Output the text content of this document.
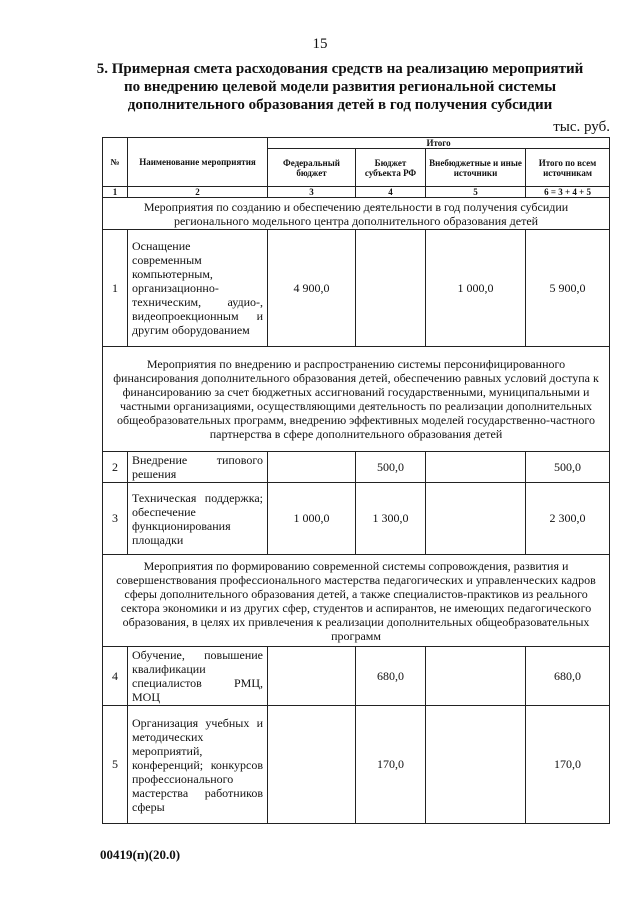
15
5. Примерная смета расходования средств на реализацию мероприятий по внедрению целевой модели развития региональной системы дополнительного образования детей в год получения субсидии
тыс. руб.
№	Наименование мероприятия	Итого			
		Федеральный бюджет	Бюджет субъекта РФ	Внебюджетные и иные источники	Итого по всем источникам
1	2	3	4	5	6 = 3 + 4 + 5
Мероприятия по созданию и обеспечению деятельности в год получения субсидии регионального модельного центра дополнительного образования детей					
1	Оснащение современным компьютерным, организационно-техническим, аудио-, видеопроекционным и другим оборудованием	4 900,0		1 000,0	5 900,0
Мероприятия по внедрению и распространению системы персонифицированного финансирования дополнительного образования детей, обеспечению равных условий доступа к финансированию за счет бюджетных ассигнований государственными, муниципальными и частными организациями, осуществляющими деятельность по реализации дополнительных общеобразовательных программ, внедрению эффективных моделей государственно-частного партнерства в сфере дополнительного образования детей					
2	Внедрение типового решения		500,0		500,0
3	Техническая поддержка; обеспечение функционирования площадки	1 000,0	1 300,0		2 300,0
Мероприятия по формированию современной системы сопровождения, развития и совершенствования профессионального мастерства педагогических и управленческих кадров сферы дополнительного образования детей, а также специалистов-практиков из реального сектора экономики и из других сфер, студентов и аспирантов, не имеющих педагогического образования, в целях их привлечения к реализации дополнительных общеобразовательных программ					
4	Обучение, повышение квалификации специалистов РМЦ, МОЦ		680,0		680,0
5	Организация учебных и методических мероприятий, конференций; конкурсов профессионального мастерства работников сферы		170,0		170,0
00419(п)(20.0)
